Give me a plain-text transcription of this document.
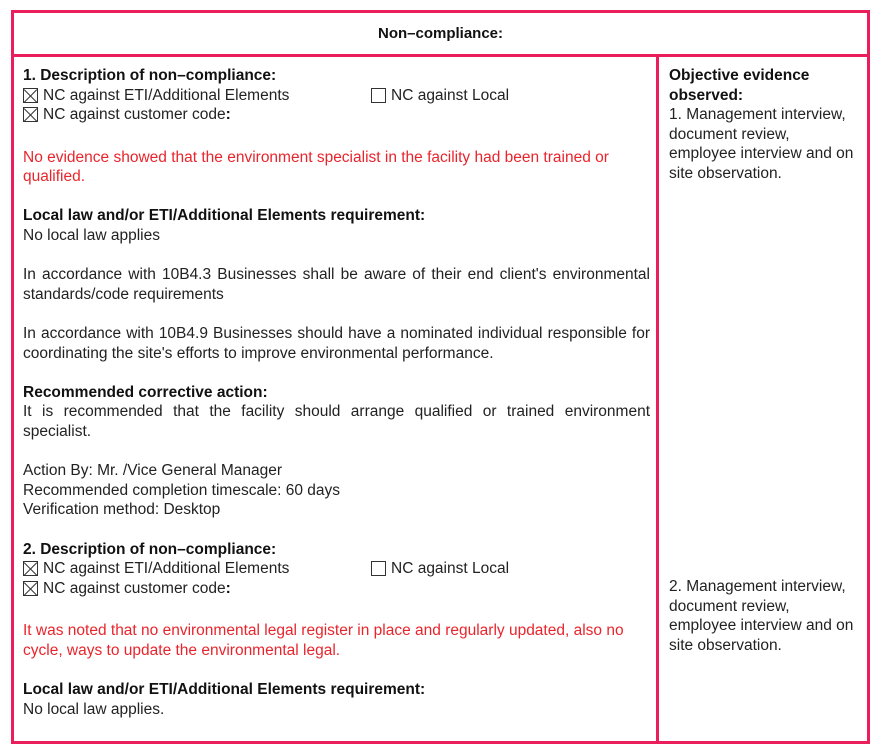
Non–compliance:
1. Description of non–compliance:
NC against ETI/Additional Elements	NC against Local
NC against customer code :
No evidence showed that the environment specialist in the facility had been trained or qualified.
Local law and/or ETI/Additional Elements requirement:
No local law applies
In accordance with 10B4.3 Businesses shall be aware of their end client's environmental standards/code requirements
In accordance with 10B4.9 Businesses should have a nominated individual responsible for coordinating the site's efforts to improve environmental performance.
Recommended corrective action:
It is recommended that the facility should arrange qualified or trained environment specialist.
Action By: Mr. /Vice General Manager
Recommended completion timescale: 60 days
Verification method: Desktop
2. Description of non–compliance:
NC against ETI/Additional Elements	NC against Local
NC against customer code :
It was noted that no environmental legal register in place and regularly updated, also no cycle, ways to update the environmental legal.
Local law and/or ETI/Additional Elements requirement:
No local law applies.
Objective evidence observed:
1. Management interview, document review, employee interview and on site observation.
2. Management interview, document review, employee interview and on site observation.
